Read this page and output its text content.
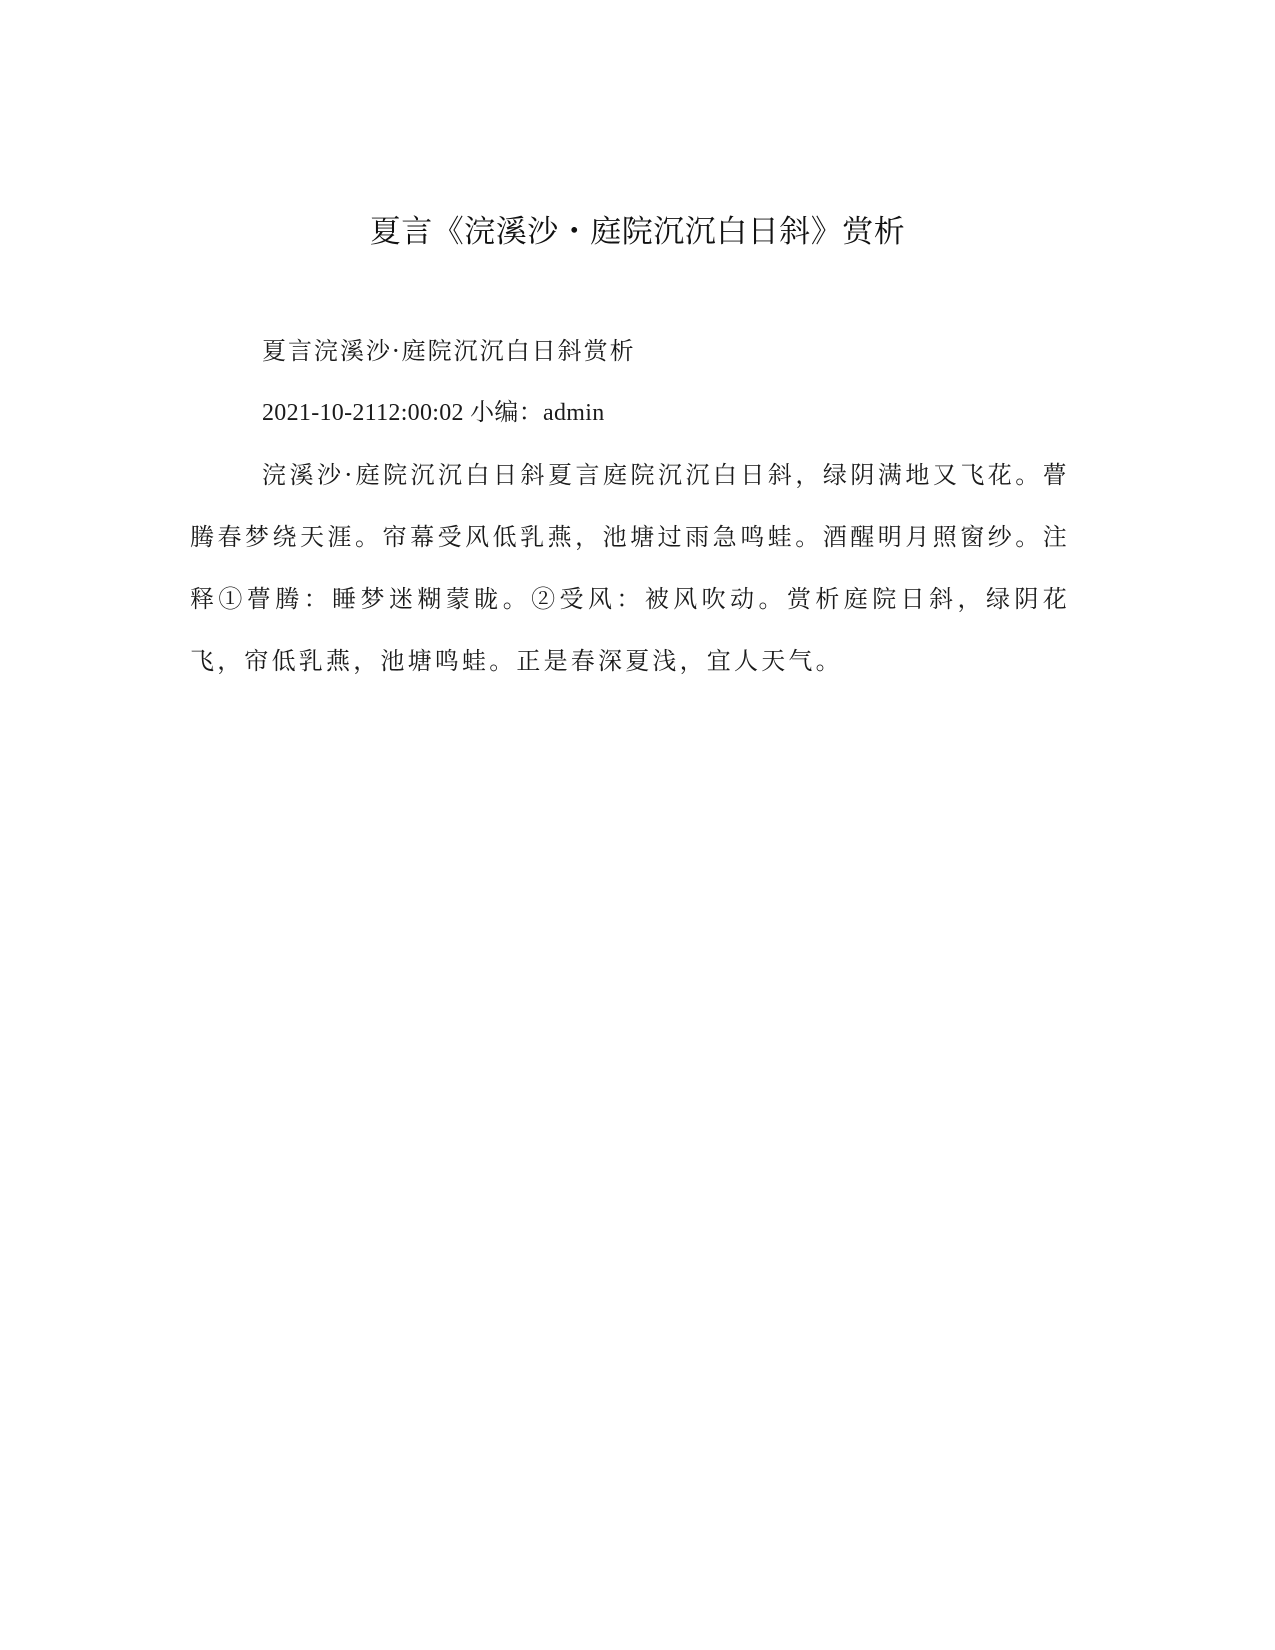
夏言《浣溪沙・庭院沉沉白日斜》赏析

夏言浣溪沙·庭院沉沉白日斜赏析

2021-10-2112:00:02 小编：admin

浣溪沙·庭院沉沉白日斜夏言庭院沉沉白日斜，绿阴满地又飞花。瞢腾春梦绕天涯。帘幕受风低乳燕，池塘过雨急鸣蛙。酒醒明月照窗纱。注释①瞢腾：睡梦迷糊蒙眬。②受风：被风吹动。赏析庭院日斜，绿阴花飞，帘低乳燕，池塘鸣蛙。正是春深夏浅，宜人天气。
